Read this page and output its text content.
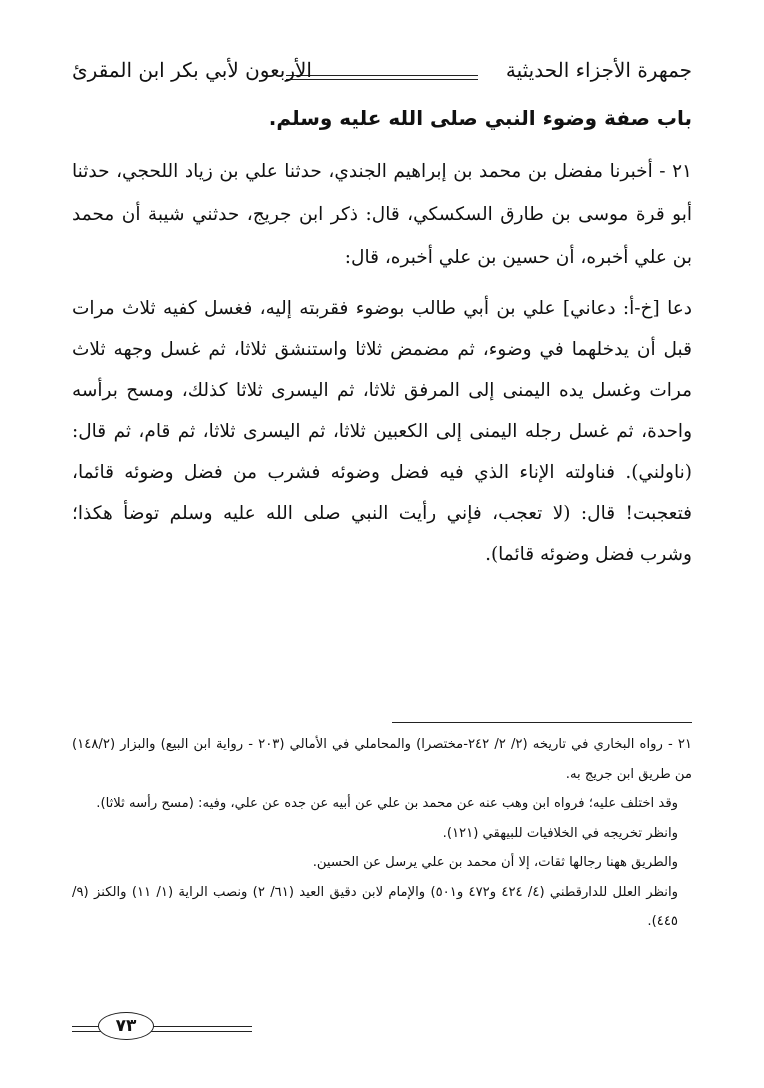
جمهرة الأجزاء الحديثية
الأربعون لأبي بكر ابن المقرئ
باب صفة وضوء النبي صلى الله عليه وسلم.
٢١ - أخبرنا مفضل بن محمد بن إبراهيم الجندي، حدثنا علي بن زياد اللحجي، حدثنا أبو قرة موسى بن طارق السكسكي، قال: ذكر ابن جريج، حدثني شيبة أن محمد بن علي أخبره، أن حسين بن علي أخبره، قال:
دعا [خ-أ: دعاني] علي بن أبي طالب بوضوء فقربته إليه، فغسل كفيه ثلاث مرات قبل أن يدخلهما في وضوء، ثم مضمض ثلاثا واستنشق ثلاثا، ثم غسل وجهه ثلاث مرات وغسل يده اليمنى إلى المرفق ثلاثا، ثم اليسرى ثلاثا كذلك، ومسح برأسه واحدة، ثم غسل رجله اليمنى إلى الكعبين ثلاثا، ثم اليسرى ثلاثا، ثم قام، ثم قال: (ناولني). فناولته الإناء الذي فيه فضل وضوئه فشرب من فضل وضوئه قائما، فتعجبت! قال: (لا تعجب، فإني رأيت النبي صلى الله عليه وسلم توضأ هكذا؛ وشرب فضل وضوئه قائما).

٢١ - رواه البخاري في تاريخه (٢/ ٢/ ٢٤٢-مختصرا) والمحاملي في الأمالي (٢٠٣ - رواية ابن البيع) والبزار (١٤٨/٢) من طريق ابن جريج به.

وقد اختلف عليه؛ فرواه ابن وهب عنه عن محمد بن علي عن أبيه عن جده عن علي، وفيه: (مسح رأسه ثلاثا).

وانظر تخريجه في الخلافيات للبيهقي (١٢١).

والطريق ههنا رجالها ثقات، إلا أن محمد بن علي يرسل عن الحسين.

وانظر العلل للدارقطني (٤/ ٤٢٤ و٤٧٢ و٥٠١) والإمام لابن دقيق العيد (٦١/ ٢) ونصب الراية (١/ ١١) والكنز (٩/ ٤٤٥).

٧٣
